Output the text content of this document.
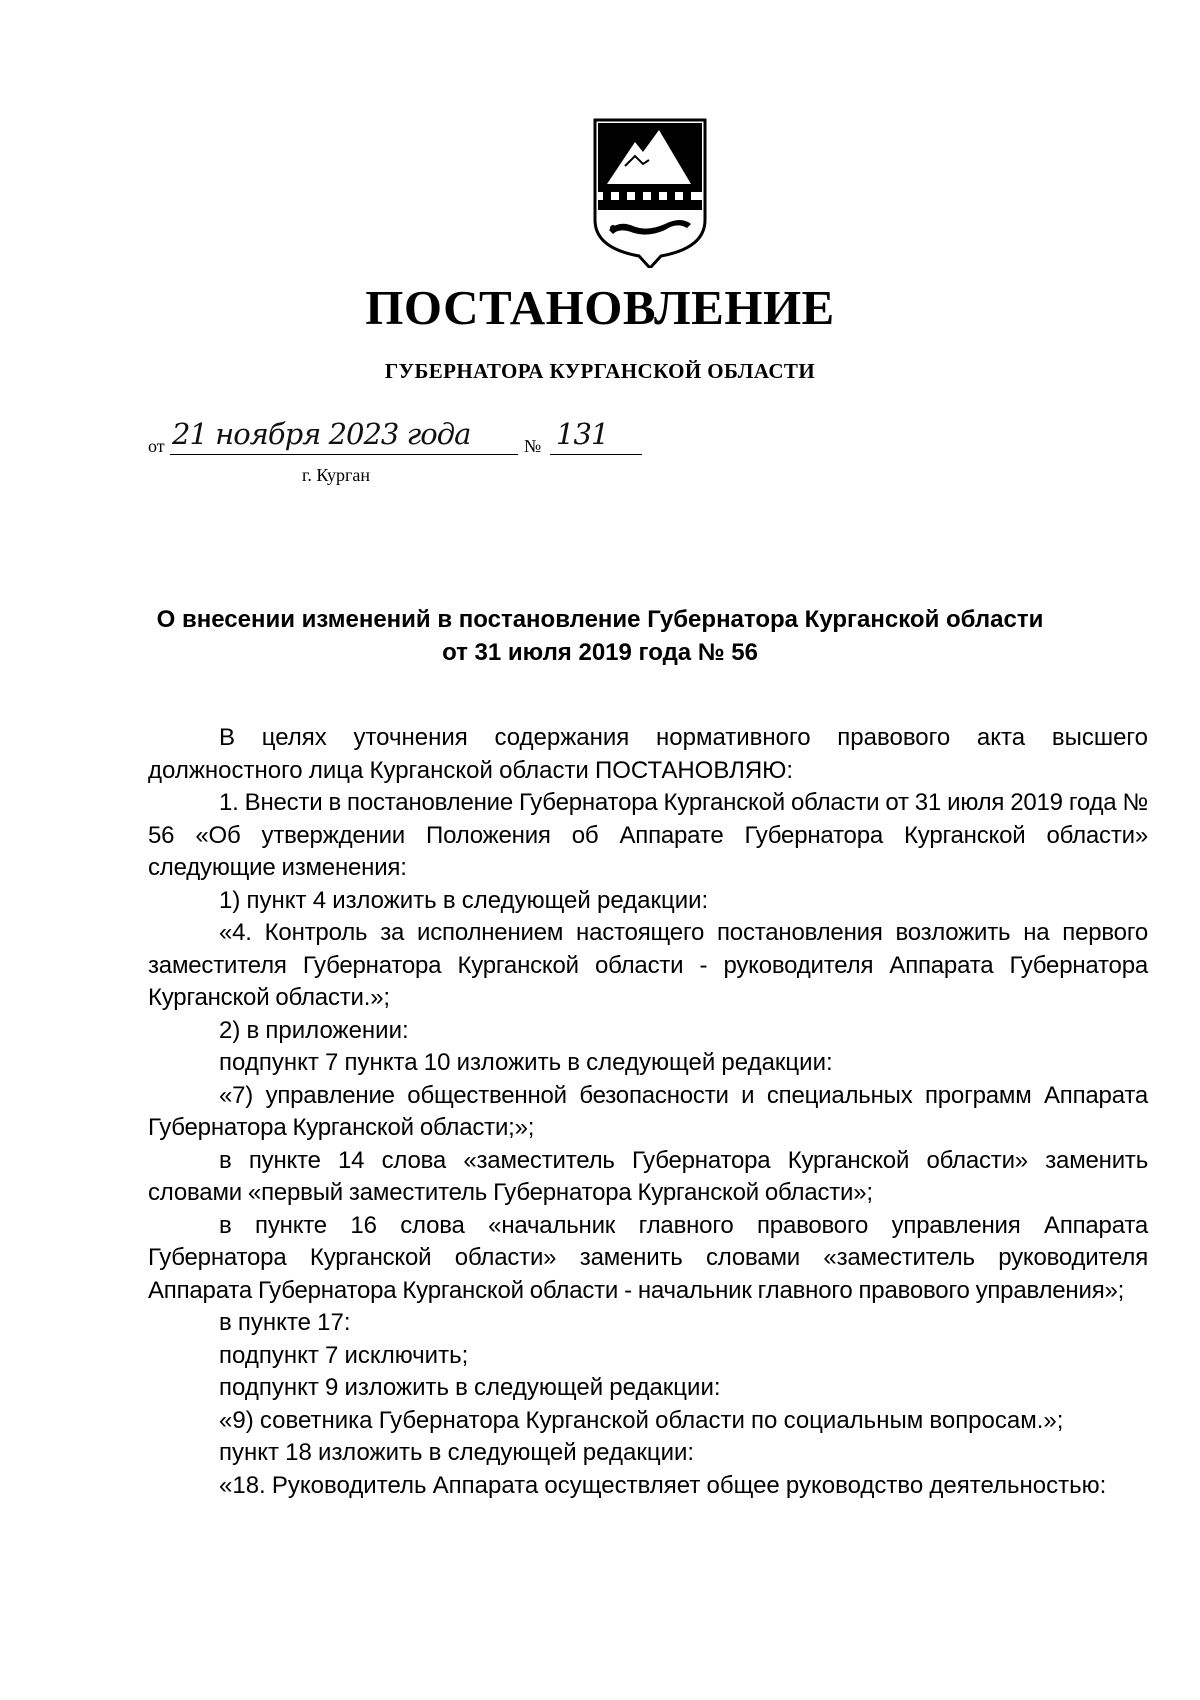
ПОСТАНОВЛЕНИЕ
ГУБЕРНАТОРА КУРГАНСКОЙ ОБЛАСТИ
от 21 ноября 2023 года	№ 131
г. Курган
О внесении изменений в постановление Губернатора Курганской области
от 31 июля 2019 года № 56

В целях уточнения содержания нормативного правового акта высшего должностного лица Курганской области ПОСТАНОВЛЯЮ:

1. Внести в постановление Губернатора Курганской области от 31 июля 2019 года № 56 «Об утверждении Положения об Аппарате Губернатора Курганской области» следующие изменения:

1) пункт 4 изложить в следующей редакции:

«4. Контроль за исполнением настоящего постановления возложить на первого заместителя Губернатора Курганской области - руководителя Аппарата Губернатора Курганской области.»;

2) в приложении:

подпункт 7 пункта 10 изложить в следующей редакции:

«7) управление общественной безопасности и специальных программ Аппарата Губернатора Курганской области;»;

в пункте 14 слова «заместитель Губернатора Курганской области» заменить словами «первый заместитель Губернатора Курганской области»;

в пункте 16 слова «начальник главного правового управления Аппарата Губернатора Курганской области» заменить словами «заместитель руководителя Аппарата Губернатора Курганской области - начальник главного правового управления»;

в пункте 17:

подпункт 7 исключить;

подпункт 9 изложить в следующей редакции:

«9) советника Губернатора Курганской области по социальным вопросам.»;

пункт 18 изложить в следующей редакции:

«18. Руководитель Аппарата осуществляет общее руководство деятельностью:
